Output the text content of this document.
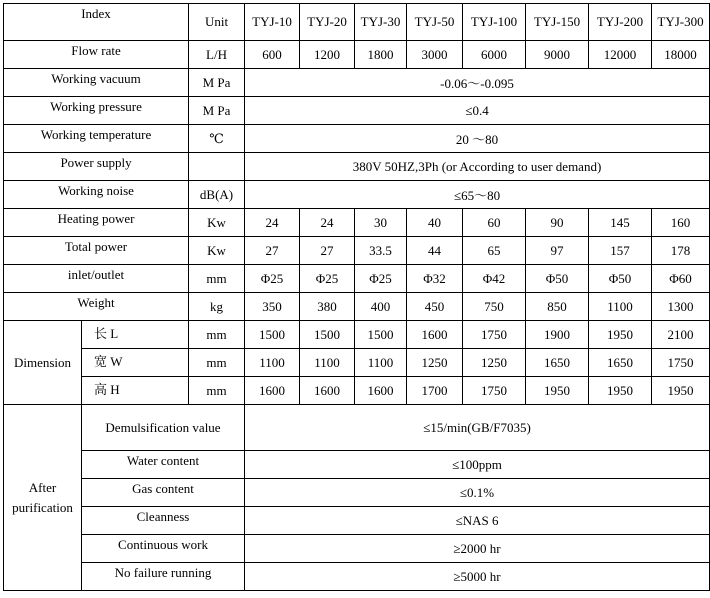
Index		Unit	TYJ-10	TYJ-20	TYJ-30	TYJ-50	TYJ-100	TYJ-150	TYJ-200	TYJ-300
Flow rate		L/H	600	1200	1800	3000	6000	9000	12000	18000
Working vacuum		M Pa	-0.06～-0.095							
Working pressure		M Pa	≤0.4							
Working temperature		℃	20 ～80							
Power supply			380V 50HZ,3Ph (or According to user demand)							
Working noise		dB(A)	≤65～80							
Heating power		Kw	24	24	30	40	60	90	145	160
Total power		Kw	27	27	33.5	44	65	97	157	178
inlet/outlet		mm	Φ25	Φ25	Φ25	Φ32	Φ42	Φ50	Φ50	Φ60
Weight		kg	350	380	400	450	750	850	1100	1300
Dimension	长 L	mm	1500	1500	1500	1600	1750	1900	1950	2100
	宽 W	mm	1100	1100	1100	1250	1250	1650	1650	1750
	高 H	mm	1600	1600	1600	1700	1750	1950	1950	1950
After purification	Demulsification value		≤15/min(GB/F7035)							
	Water content		≤100ppm							
	Gas content		≤0.1%							
	Cleanness		≤NAS 6							
	Continuous work		≥2000 hr							
	No failure running		≥5000 hr							
